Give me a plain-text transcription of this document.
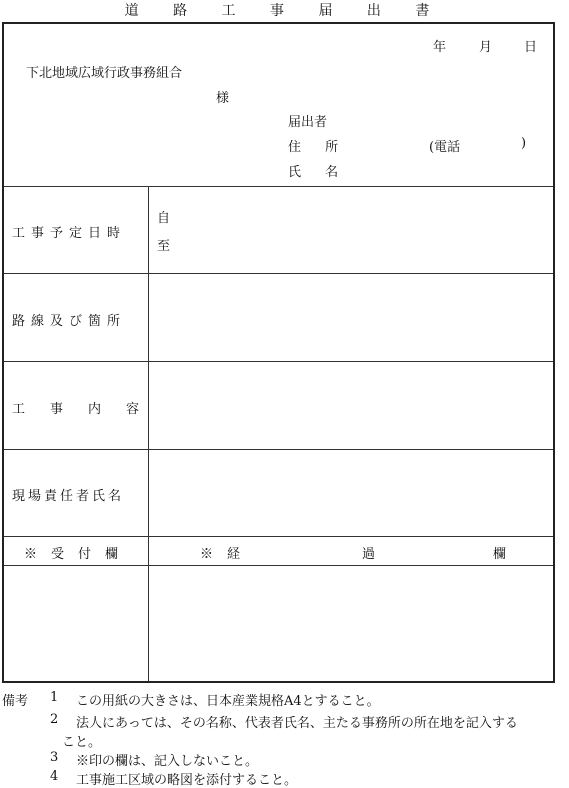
道 路 工 事 届 出 書
年	月 日
下北地域広域行政事務組合
様
届出者
住 所	(電話	)
氏 名
工事予定日時
自
至
路線及び箇所
工事内容
現場責任者氏名
※受付欄	※経	過	欄
備考 1 この用紙の大きさは、日本産業規格A4とすること。
2 法人にあっては、その名称、代表者氏名、主たる事務所の所在地を記入する
こと。
3 ※印の欄は、記入しないこと。
4 工事施工区域の略図を添付すること。
